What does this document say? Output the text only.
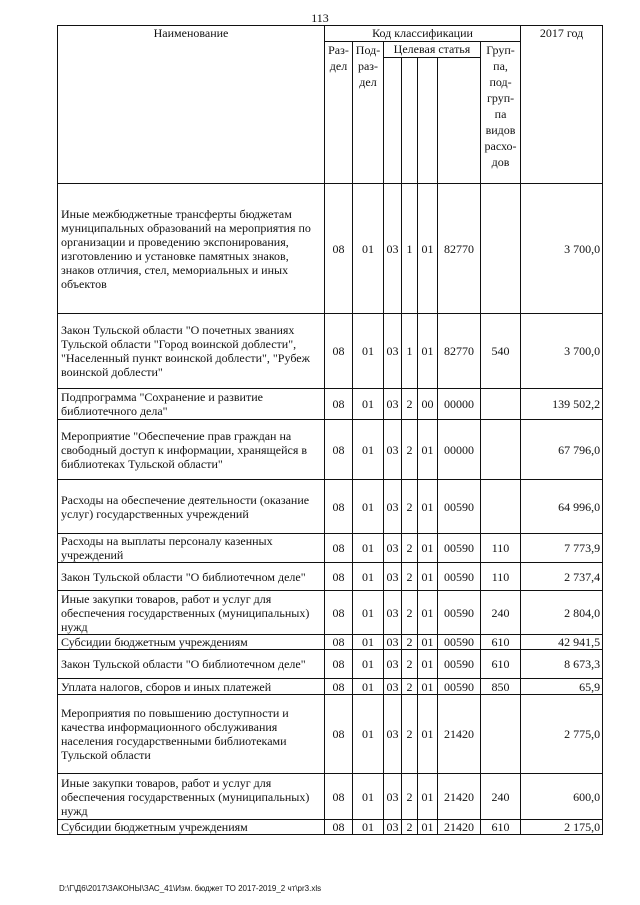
113
Наименование	Код классификации							2017 год
	Раз-дел	Под-раз-дел	Целевая статья				Груп-па, под-груп-па видов расхо-дов	

Иные межбюджетные трансферты бюджетам муниципальных образований на мероприятия по организации и проведению экспонирования, изготовлению и установке памятных знаков, знаков отличия, стел, мемориальных и иных объектов	08	01	03	1	01	82770		3 700,0
Закон Тульской области "О почетных званиях Тульской области "Город воинской доблести", "Населенный пункт воинской доблести", "Рубеж воинской доблести"	08	01	03	1	01	82770	540	3 700,0
Подпрограмма "Сохранение и развитие библиотечного дела"	08	01	03	2	00	00000		139 502,2
Мероприятие "Обеспечение прав граждан на свободный доступ к информации, хранящейся в библиотеках Тульской области"	08	01	03	2	01	00000		67 796,0
Расходы на обеспечение деятельности (оказание услуг) государственных учреждений	08	01	03	2	01	00590		64 996,0
Расходы на выплаты персоналу казенных учреждений	08	01	03	2	01	00590	110	7 773,9
Закон Тульской области "О библиотечном деле"	08	01	03	2	01	00590	110	2 737,4
Иные закупки товаров, работ и услуг для обеспечения государственных (муниципальных) нужд	08	01	03	2	01	00590	240	2 804,0
Субсидии бюджетным учреждениям	08	01	03	2	01	00590	610	42 941,5
Закон Тульской области "О библиотечном деле"	08	01	03	2	01	00590	610	8 673,3
Уплата налогов, сборов и иных платежей	08	01	03	2	01	00590	850	65,9
Мероприятия по повышению доступности и качества информационного обслуживания населения государственными библиотеками Тульской области	08	01	03	2	01	21420		2 775,0
Иные закупки товаров, работ и услуг для обеспечения государственных (муниципальных) нужд	08	01	03	2	01	21420	240	600,0
Субсидии бюджетным учреждениям	08	01	03	2	01	21420	610	2 175,0
D:\Г\Д6\2017\ЗАКОНЫ\ЗАС_41\Изм. бюджет ТО 2017-2019_2 чт\pr3.xls
